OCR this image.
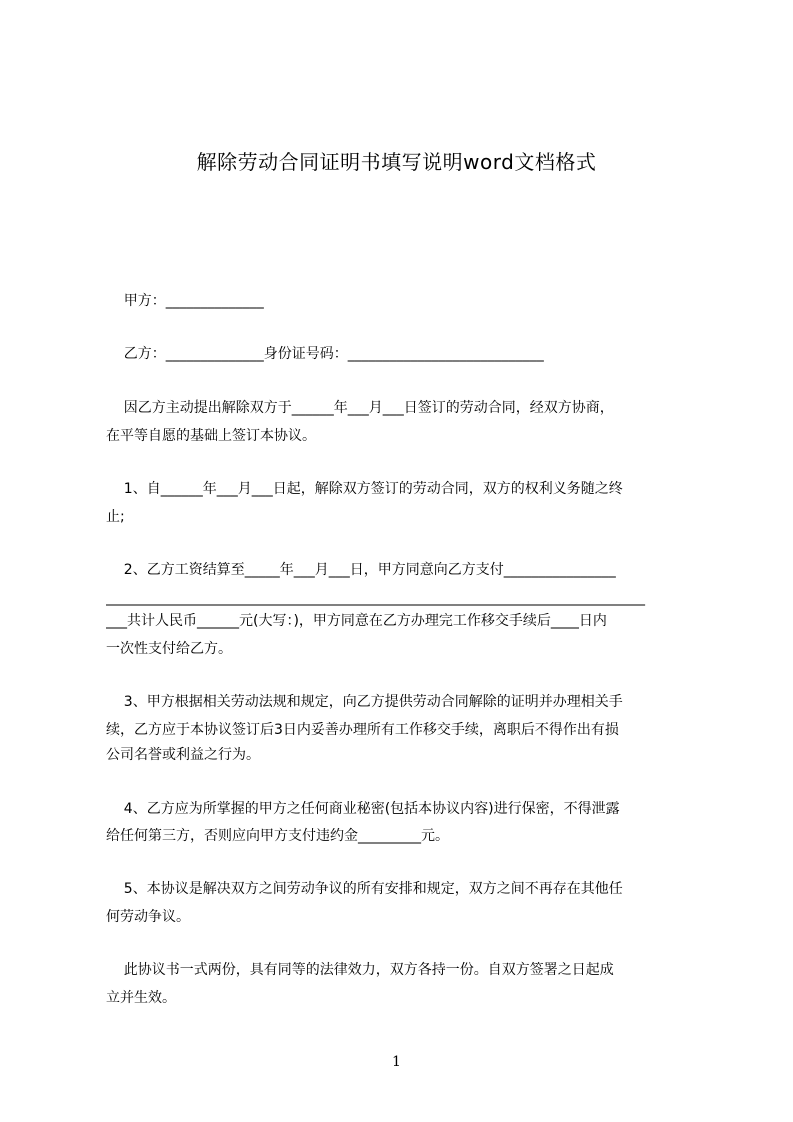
解除劳动合同证明书填写说明word文档格式
甲方：______________
乙方：______________身份证号码：____________________________
因乙方主动提出解除双方于______年___月___日签订的劳动合同，经双方协商，
在平等自愿的基础上签订本协议。
1、自______年___月___日起，解除双方签订的劳动合同，双方的权利义务随之终
止;
2、乙方工资结算至_____年___月___日，甲方同意向乙方支付________________
_____________________________________________________________________________
___共计人民币______元(大写：)，甲方同意在乙方办理完工作移交手续后____日内
一次性支付给乙方。
3、甲方根据相关劳动法规和规定，向乙方提供劳动合同解除的证明并办理相关手
续，乙方应于本协议签订后3日内妥善办理所有工作移交手续，离职后不得作出有损
公司名誉或利益之行为。
4、乙方应为所掌握的甲方之任何商业秘密(包括本协议内容)进行保密，不得泄露
给任何第三方，否则应向甲方支付违约金_________元。
5、本协议是解决双方之间劳动争议的所有安排和规定，双方之间不再存在其他任
何劳动争议。
此协议书一式两份，具有同等的法律效力，双方各持一份。自双方签署之日起成
立并生效。
1
